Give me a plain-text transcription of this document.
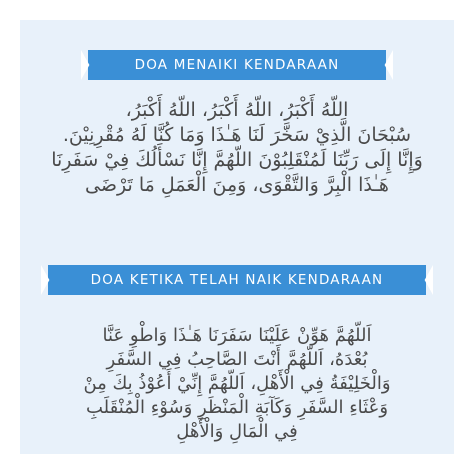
DOA MENAIKI KENDARAAN
اللّهُ أَكْبَرُ، اللّهُ أَكْبَرُ، اللّهُ أَكْبَرُ،
سُبْحَانَ الَّذِيْ سَخَّرَ لَنَا هَـٰذَا وَمَا كُنَّا لَهُ مُقْرِنِيْنَ.
وَإِنَّا إِلَى رَبِّنَا لَمُنْقَلِبُوْنَ اللّهُمَّ إِنَّا نَسْأَلُكَ فِيْ سَفَرِنَا
هَـٰذَا الْبِرَّ وَالتَّقْوَى، وَمِنَ الْعَمَلِ مَا تَرْضَى
DOA KETIKA TELAH NAIK KENDARAAN
اَللّهُمَّ هَوِّنْ عَلَيْنَا سَفَرَنَا هَـٰذَا وَاطْوِ عَنَّا
بُعْدَهُ، اَللّهُمَّ أَنْتَ الصَّاحِبُ فِي السَّفَرِ
وَالْخَلِيْفَةُ فِي الْأَهْلِ، اَللّهُمَّ إِنِّيْ أَعُوْذُ بِكَ مِنْ
وَعْثَاءِ السَّفَرِ وَكَآبَةِ الْمَنْظَرِ وَسُوْءِ الْمُنْقَلَبِ
فِي الْمَالِ وَالْأَهْلِ
